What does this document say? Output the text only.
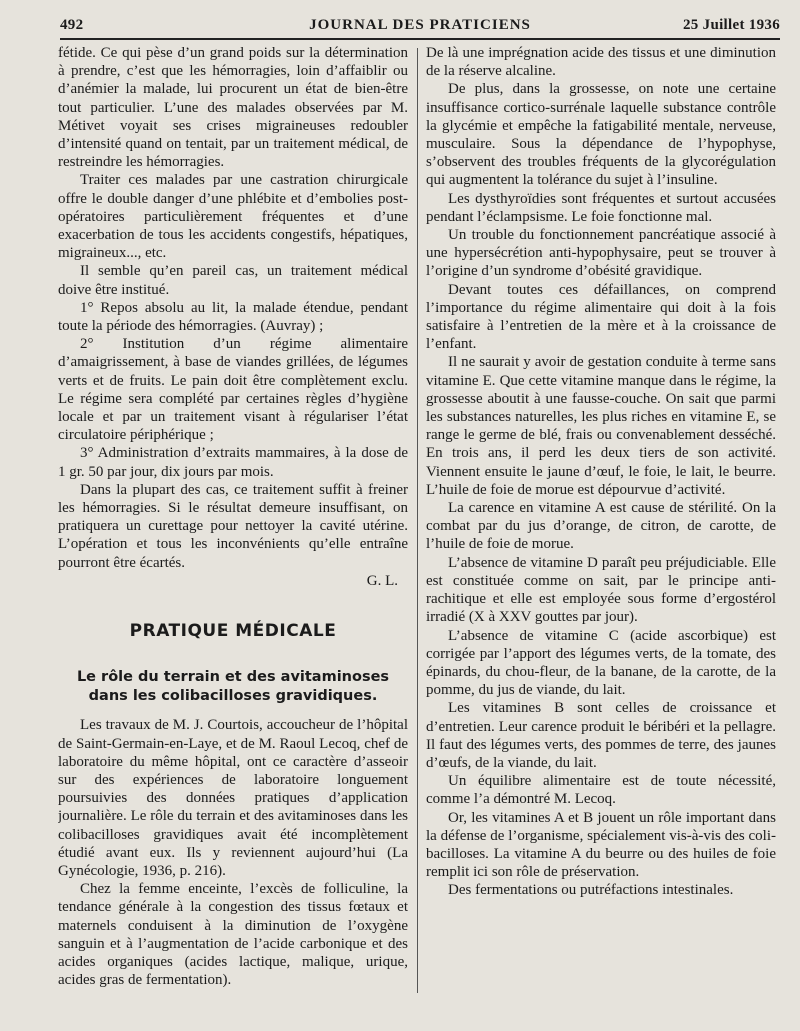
492	JOURNAL DES PRATICIENS	25 Juillet 1936

fétide. Ce qui pèse d’un grand poids sur la détermination à prendre, c’est que les hémorragies, loin d’affaiblir ou d’anémier la malade, lui procurent un état de bien-être tout particulier. L’une des malades observées par M. Métivet voyait ses crises migraineuses redoubler d’intensité quand on tentait, par un traitement médical, de restreindre les hémorragies.

Traiter ces malades par une castration chirurgicale offre le double danger d’une phlébite et d’embolies post-opératoires particulièrement fréquentes et d’une exacerbation de tous les accidents congestifs, hépatiques, migraineux..., etc.

Il semble qu’en pareil cas, un traitement médical doive être institué.

1° Repos absolu au lit, la malade étendue, pendant toute la période des hémorragies. (Auvray) ;

2° Institution d’un régime alimentaire d’amaigrissement, à base de viandes grillées, de légumes verts et de fruits. Le pain doit être complètement exclu. Le régime sera complété par certaines règles d’hygiène locale et par un traitement visant à régulariser l’état circulatoire périphérique ;

3° Administration d’extraits mammaires, à la dose de 1 gr. 50 par jour, dix jours par mois.

Dans la plupart des cas, ce traitement suffit à freiner les hémorragies. Si le résultat demeure insuffisant, on pratiquera un curettage pour nettoyer la cavité utérine. L’opération et tous les inconvénients qu’elle entraîne pourront être écartés.

G. L.

PRATIQUE MÉDICALE
Le rôle du terrain et des avitaminoses
dans les colibacilloses gravidiques.

Les travaux de M. J. Courtois, accoucheur de l’hôpital de Saint-Germain-en-Laye, et de M. Raoul Lecoq, chef de laboratoire du même hôpital, ont ce caractère d’asseoir sur des expériences de laboratoire longuement poursuivies des données pratiques d’application journalière. Le rôle du terrain et des avitaminoses dans les colibacilloses gravidiques avait été incomplètement étudié avant eux. Ils y reviennent aujourd’hui (La Gynécologie, 1936, p. 216).

Chez la femme enceinte, l’excès de folliculine, la tendance générale à la congestion des tissus fœtaux et maternels conduisent à la diminution de l’oxygène sanguin et à l’augmentation de l’acide carbonique et des acides organiques (acides lactique, malique, urique, acides gras de fermentation).

De là une imprégnation acide des tissus et une diminution de la réserve alcaline.

De plus, dans la grossesse, on note une certaine insuffisance cortico-surrénale laquelle substance contrôle la glycémie et empêche la fatigabilité mentale, nerveuse, musculaire. Sous la dépendance de l’hypophyse, s’observent des troubles fréquents de la glycorégulation qui augmentent la tolérance du sujet à l’insuline.

Les dysthyroïdies sont fréquentes et surtout accusées pendant l’éclampsisme. Le foie fonctionne mal.

Un trouble du fonctionnement pancréatique associé à une hypersécrétion anti-hypophysaire, peut se trouver à l’origine d’un syndrome d’obésité gravidique.

Devant toutes ces défaillances, on comprend l’importance du régime alimentaire qui doit à la fois satisfaire à l’entretien de la mère et à la croissance de l’enfant.

Il ne saurait y avoir de gestation conduite à terme sans vitamine E. Que cette vitamine manque dans le régime, la grossesse aboutit à une fausse-couche. On sait que parmi les substances naturelles, les plus riches en vitamine E, se range le germe de blé, frais ou convenablement desséché. En trois ans, il perd les deux tiers de son activité. Viennent ensuite le jaune d’œuf, le foie, le lait, le beurre. L’huile de foie de morue est dépourvue d’activité.

La carence en vitamine A est cause de stérilité. On la combat par du jus d’orange, de citron, de carotte, de l’huile de foie de morue.

L’absence de vitamine D paraît peu préjudiciable. Elle est constituée comme on sait, par le principe anti-rachitique et elle est employée sous forme d’ergostérol irradié (X à XXV gouttes par jour).

L’absence de vitamine C (acide ascorbique) est corrigée par l’apport des légumes verts, de la tomate, des épinards, du chou-fleur, de la banane, de la carotte, de la pomme, du jus de viande, du lait.

Les vitamines B sont celles de croissance et d’entretien. Leur carence produit le béribéri et la pellagre. Il faut des légumes verts, des pommes de terre, des jaunes d’œufs, de la viande, du lait.

Un équilibre alimentaire est de toute nécessité, comme l’a démontré M. Lecoq.

Or, les vitamines A et B jouent un rôle important dans la défense de l’organisme, spécialement vis-à-vis des coli-bacilloses. La vitamine A du beurre ou des huiles de foie remplit ici son rôle de préservation.

Des fermentations ou putréfactions intestinales.
